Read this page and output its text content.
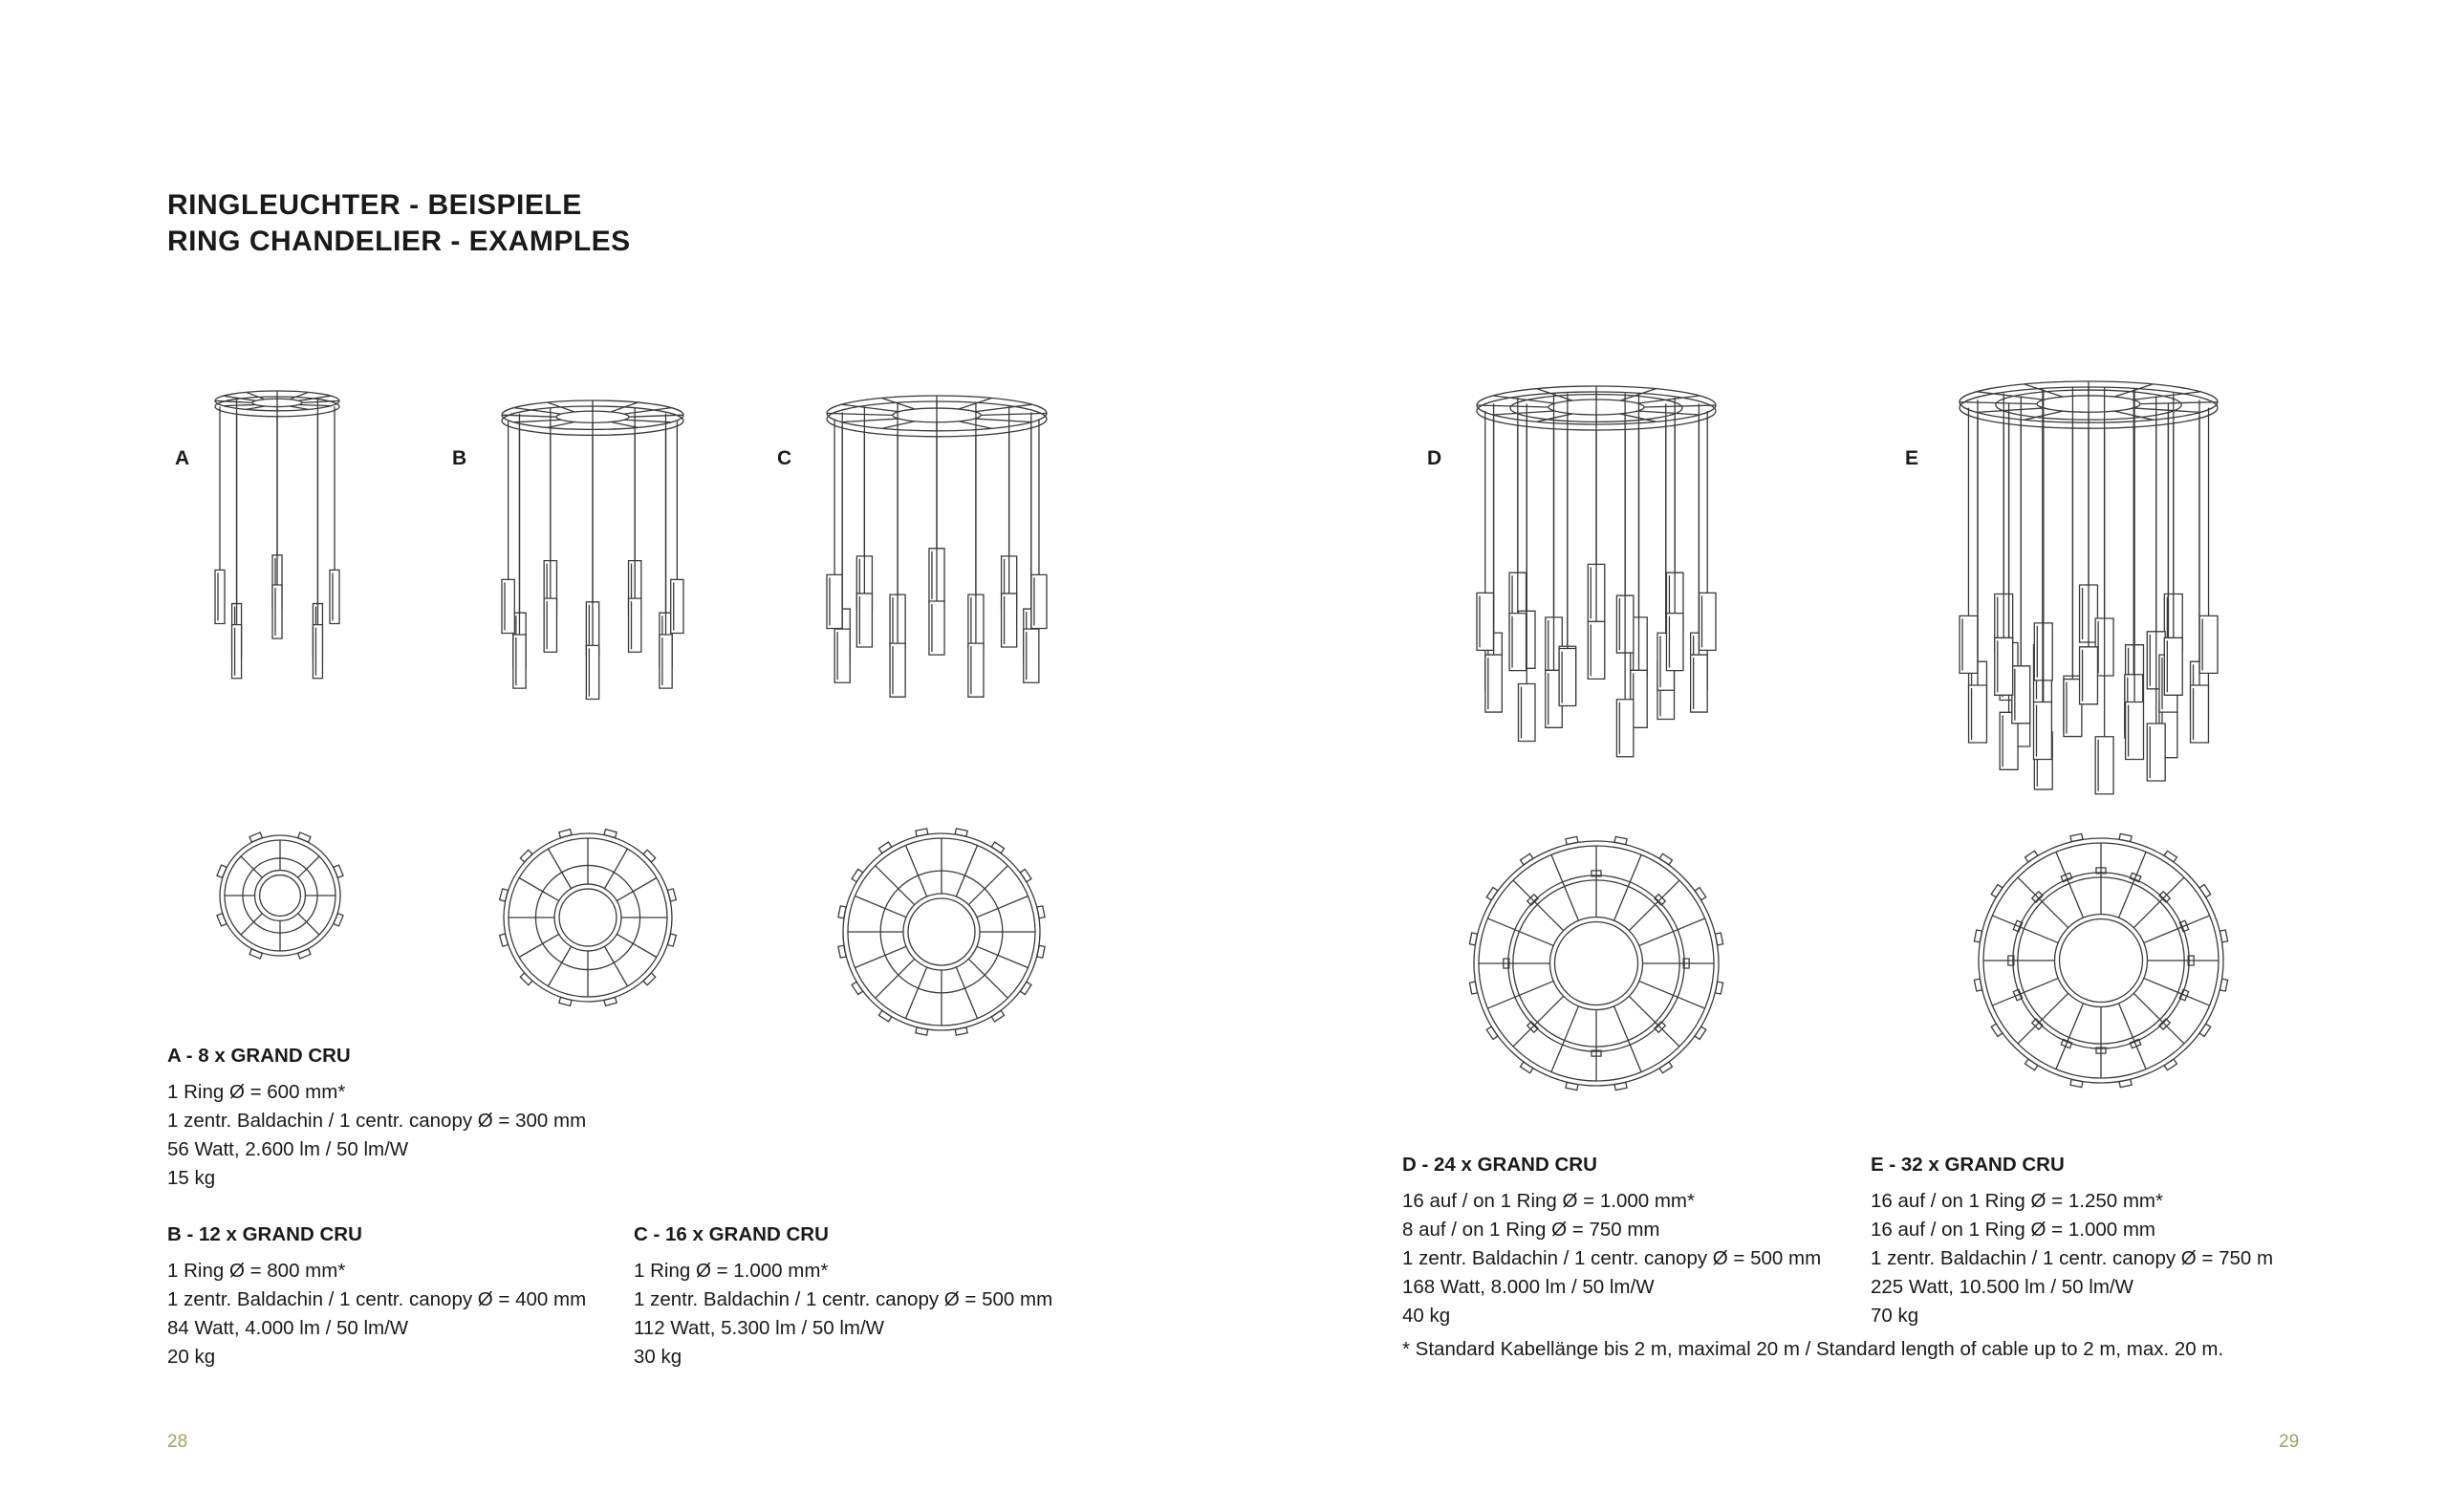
RINGLEUCHTER - BEISPIELE
RING CHANDELIER - EXAMPLES
A	B	C	D	E
A - 8 x GRAND CRU
1 Ring Ø = 600 mm*
1 zentr. Baldachin / 1 centr. canopy Ø = 300 mm
56 Watt, 2.600 lm / 50 lm/W
15 kg
B - 12 x GRAND CRU
1 Ring Ø = 800 mm*
1 zentr. Baldachin / 1 centr. canopy Ø = 400 mm
84 Watt, 4.000 lm / 50 lm/W
20 kg
C - 16 x GRAND CRU
1 Ring Ø = 1.000 mm*
1 zentr. Baldachin / 1 centr. canopy Ø = 500 mm
112 Watt, 5.300 lm / 50 lm/W
30 kg
D - 24 x GRAND CRU
16 auf / on 1 Ring Ø = 1.000 mm*
8 auf / on 1 Ring Ø = 750 mm
1 zentr. Baldachin / 1 centr. canopy Ø = 500 mm
168 Watt, 8.000 lm / 50 lm/W
40 kg
E - 32 x GRAND CRU
16 auf / on 1 Ring Ø = 1.250 mm*
16 auf / on 1 Ring Ø = 1.000 mm
1 zentr. Baldachin / 1 centr. canopy Ø = 750 m
225 Watt, 10.500 lm / 50 lm/W
70 kg
* Standard Kabellänge bis 2 m, maximal 20 m / Standard length of cable up to 2 m, max. 20 m.
28	29
